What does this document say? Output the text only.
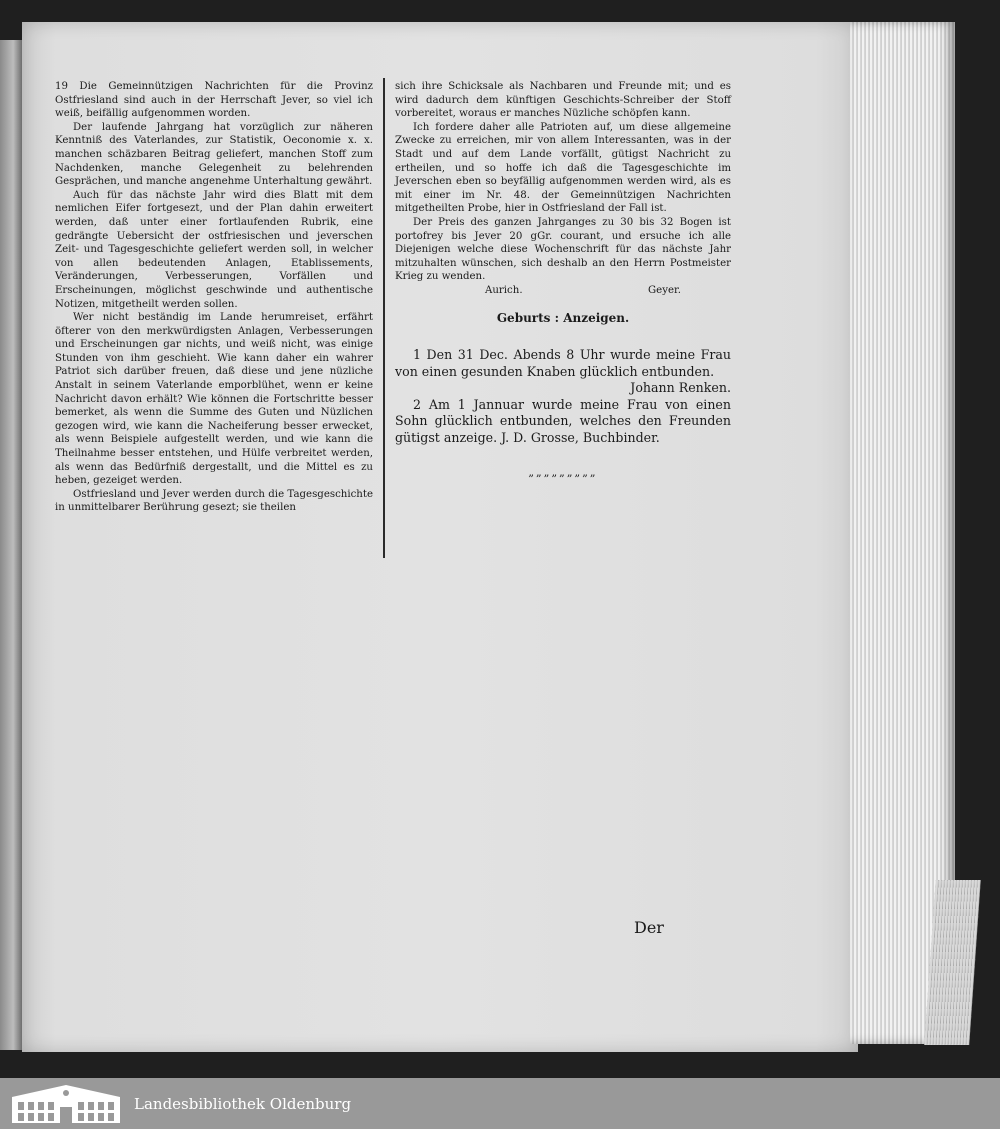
19 Die Gemeinnützigen Nachrichten für die Provinz Ostfriesland sind auch in der Herrschaft Jever, so viel ich weiß, beifällig aufgenommen worden.

Der laufende Jahrgang hat vorzüglich zur näheren Kenntniß des Vaterlandes, zur Statistik, Oeconomie x. x. manchen schäzbaren Beitrag geliefert, manchen Stoff zum Nachdenken, manche Gelegenheit zu belehrenden Gesprächen, und manche angenehme Unterhaltung gewährt.

Auch für das nächste Jahr wird dies Blatt mit dem nemlichen Eifer fortgesezt, und der Plan dahin erweitert werden, daß unter einer fortlaufenden Rubrik, eine gedrängte Uebersicht der ostfriesischen und jeverschen Zeit- und Tagesgeschichte geliefert werden soll, in welcher von allen bedeutenden Anlagen, Etablissements, Veränderungen, Verbesserungen, Vorfällen und Erscheinungen, möglichst geschwinde und authentische Notizen, mitgetheilt werden sollen.

Wer nicht beständig im Lande herumreiset, erfährt öfterer von den merkwürdigsten Anlagen, Verbesserungen und Erscheinungen gar nichts, und weiß nicht, was einige Stunden von ihm geschieht. Wie kann daher ein wahrer Patriot sich darüber freuen, daß diese und jene nüzliche Anstalt in seinem Vaterlande emporblühet, wenn er keine Nachricht davon erhält? Wie können die Fortschritte besser bemerket, als wenn die Summe des Guten und Nüzlichen gezogen wird, wie kann die Nacheiferung besser erwecket, als wenn Beispiele aufgestellt werden, und wie kann die Theilnahme besser entstehen, und Hülfe verbreitet werden, als wenn das Bedürfniß dergestallt, und die Mittel es zu heben, gezeiget werden.

Ostfriesland und Jever werden durch die Tagesgeschichte in unmittelbarer Berührung gesezt; sie theilen

sich ihre Schicksale als Nachbaren und Freunde mit; und es wird dadurch dem künftigen Geschichts-Schreiber der Stoff vorbereitet, woraus er manches Nüzliche schöpfen kann.

Ich fordere daher alle Patrioten auf, um diese allgemeine Zwecke zu erreichen, mir von allem Interessanten, was in der Stadt und auf dem Lande vorfällt, gütigst Nachricht zu ertheilen, und so hoffe ich daß die Tagesgeschichte im Jeverschen eben so beyfällig aufgenommen werden wird, als es mit einer im Nr. 48. der Gemeinnützigen Nachrichten mitgetheilten Probe, hier in Ostfriesland der Fall ist.

Der Preis des ganzen Jahrganges zu 30 bis 32 Bogen ist portofrey bis Jever 20 gGr. courant, und ersuche ich alle Diejenigen welche diese Wochenschrift für das nächste Jahr mitzuhalten wünschen, sich deshalb an den Herrn Postmeister Krieg zu wenden.

Aurich.	Geyer.
Geburts : Anzeigen.

1 Den 31 Dec. Abends 8 Uhr wurde meine Frau von einen gesunden Knaben glücklich entbunden.

Johann Renken.

2 Am 1 Jannuar wurde meine Frau von einen Sohn glücklich entbunden, welches den Freunden gütigst anzeige. J. D. Grosse, Buchbinder.

„„„„„„„„„
Der
Landesbibliothek Oldenburg
